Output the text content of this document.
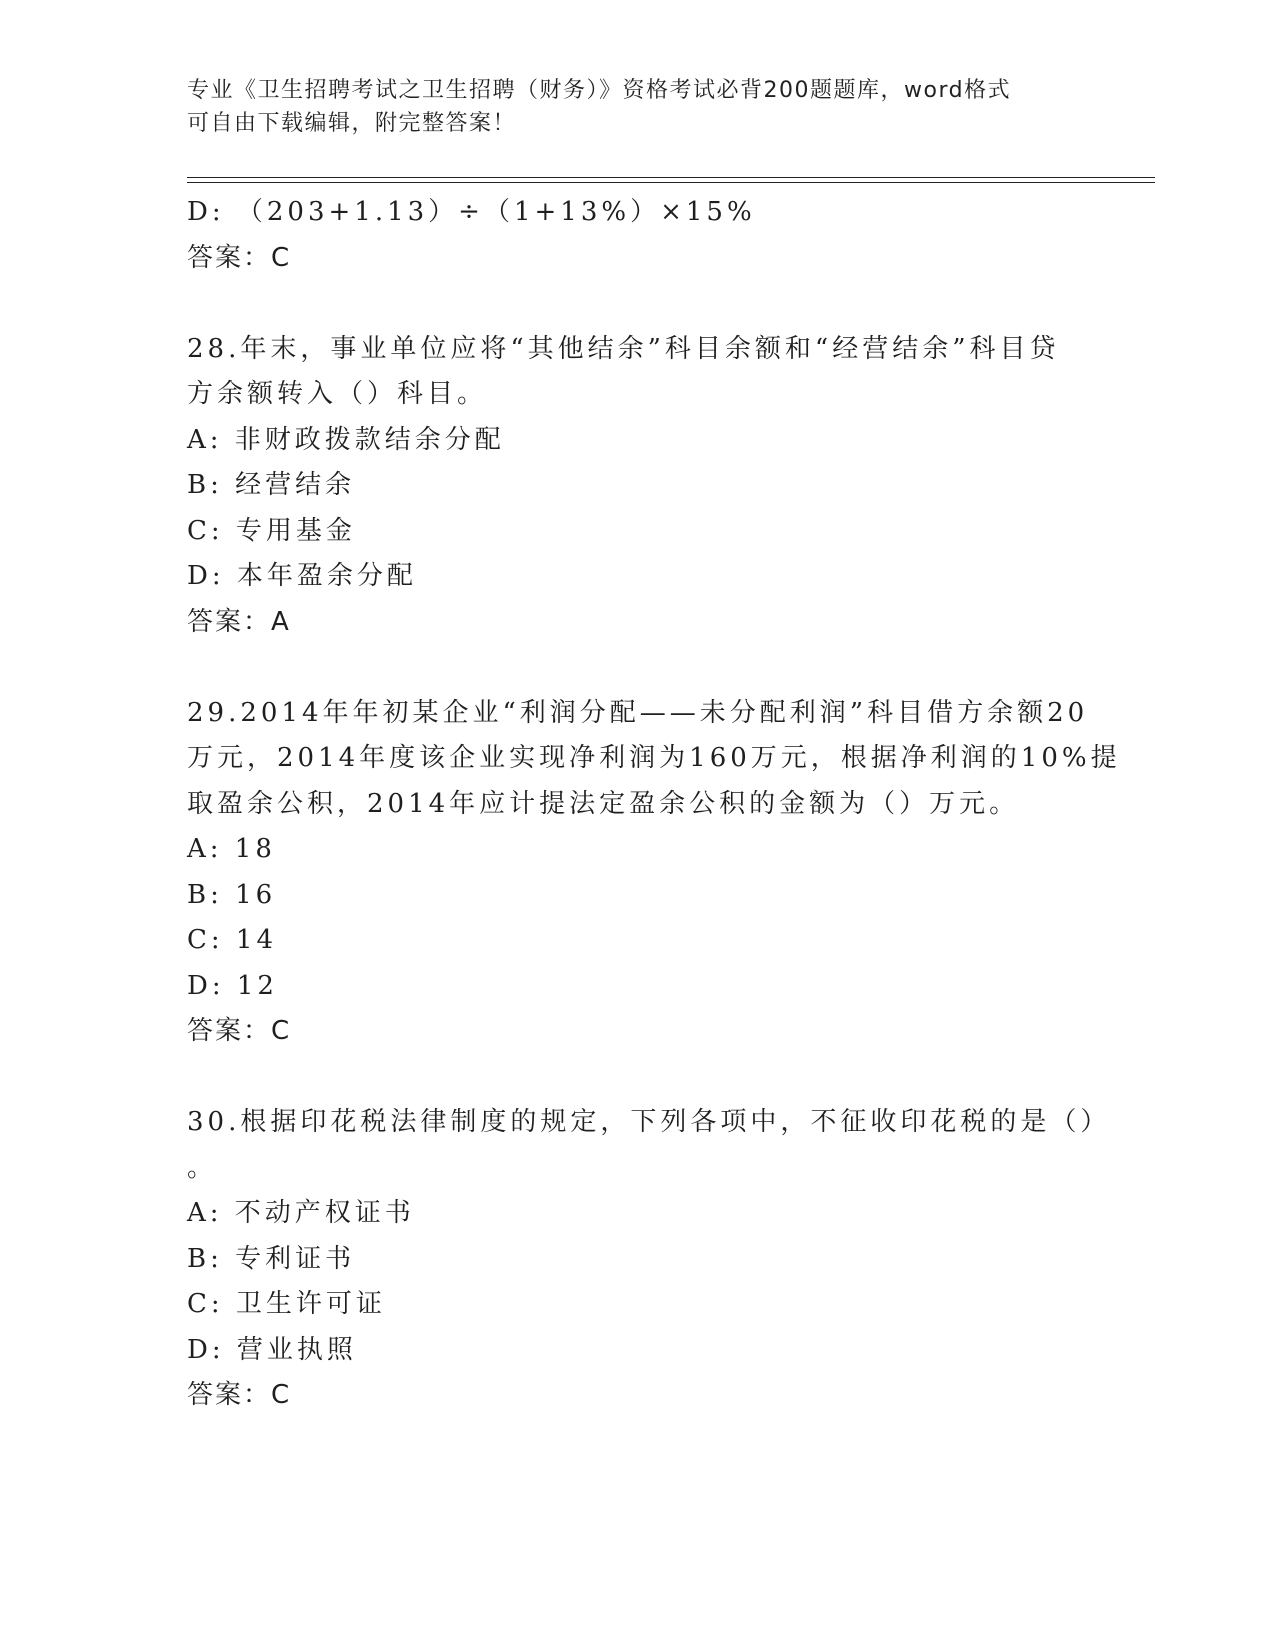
专业《卫生招聘考试之卫生招聘（财务）》资格考试必背200题题库，word格式
可自由下载编辑，附完整答案！
D: （203+1.13）÷（1+13%）×15%
答案：C
28.年末，事业单位应将“其他结余”科目余额和“经营结余”科目贷
方余额转入（）科目。
A: 非财政拨款结余分配
B: 经营结余
C: 专用基金
D: 本年盈余分配
答案：A
29.2014年年初某企业“利润分配——未分配利润”科目借方余额20
万元，2014年度该企业实现净利润为160万元，根据净利润的10%提
取盈余公积，2014年应计提法定盈余公积的金额为（）万元。
A: 18
B: 16
C: 14
D: 12
答案：C
30.根据印花税法律制度的规定，下列各项中，不征收印花税的是（）
。
A: 不动产权证书
B: 专利证书
C: 卫生许可证
D: 营业执照
答案：C
